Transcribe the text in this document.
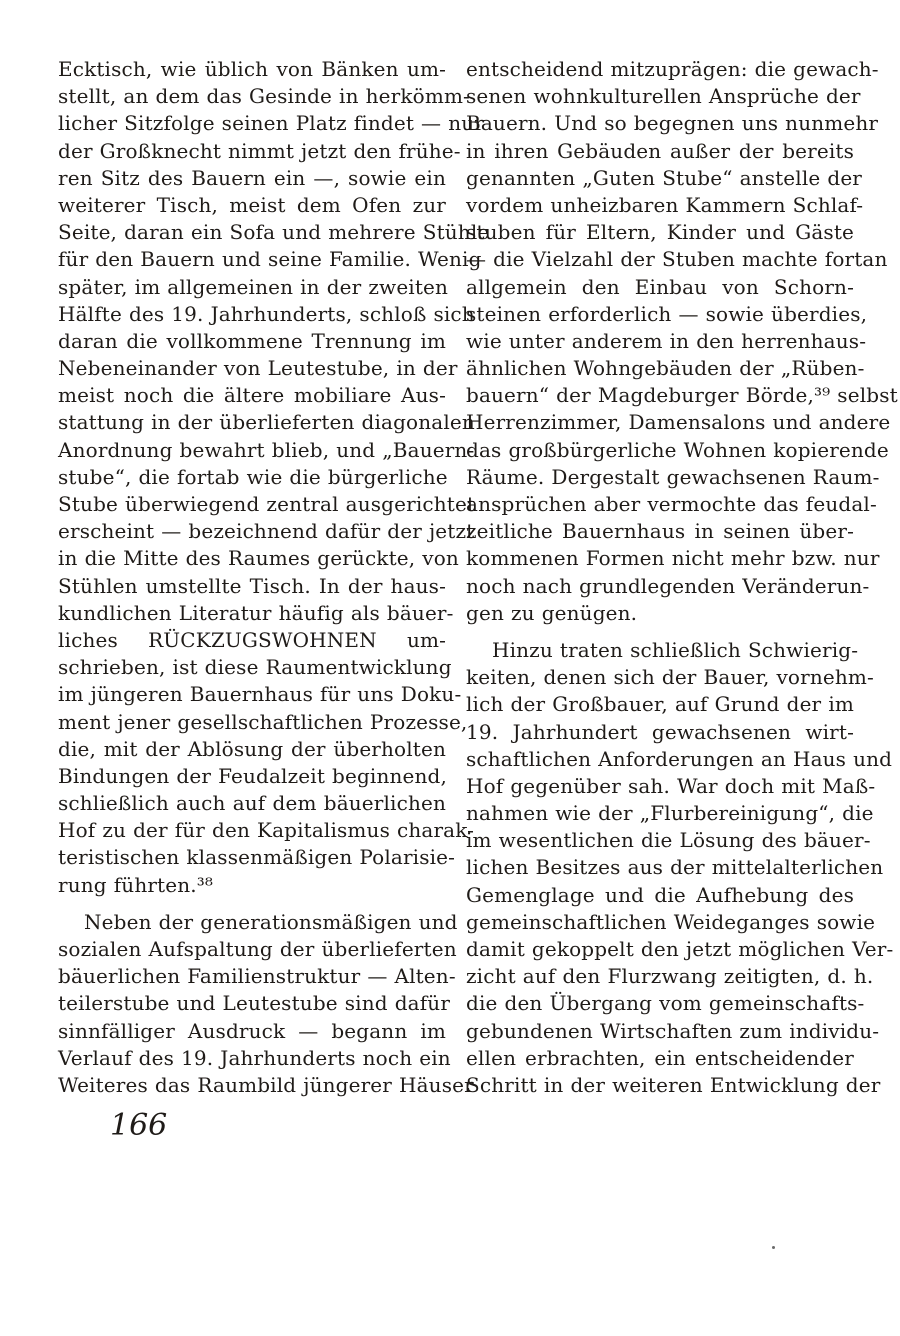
Ecktisch, wie üblich von Bänken um-
stellt, an dem das Gesinde in herkömm-
licher Sitzfolge seinen Platz findet — nur
der Großknecht nimmt jetzt den frühe-
ren Sitz des Bauern ein —, sowie ein
weiterer Tisch, meist dem Ofen zur
Seite, daran ein Sofa und mehrere Stühle
für den Bauern und seine Familie. Wenig
später, im allgemeinen in der zweiten
Hälfte des 19. Jahrhunderts, schloß sich
daran die vollkommene Trennung im
Nebeneinander von Leutestube, in der
meist noch die ältere mobiliare Aus-
stattung in der überlieferten diagonalen
Anordnung bewahrt blieb, und „Bauern-
stube“, die fortab wie die bürgerliche
Stube überwiegend zentral ausgerichtet
erscheint — bezeichnend dafür der jetzt
in die Mitte des Raumes gerückte, von
Stühlen umstellte Tisch. In der haus-
kundlichen Literatur häufig als bäuer-
liches RÜCKZUGSWOHNEN um-
schrieben, ist diese Raumentwicklung
im jüngeren Bauernhaus für uns Doku-
ment jener gesellschaftlichen Prozesse,
die, mit der Ablösung der überholten
Bindungen der Feudalzeit beginnend,
schließlich auch auf dem bäuerlichen
Hof zu der für den Kapitalismus charak-
teristischen klassenmäßigen Polarisie-
rung führten.³⁸
Neben der generationsmäßigen und
sozialen Aufspaltung der überlieferten
bäuerlichen Familienstruktur — Alten-
teilerstube und Leutestube sind dafür
sinnfälliger Ausdruck — begann im
Verlauf des 19. Jahrhunderts noch ein
Weiteres das Raumbild jüngerer Häuser
entscheidend mitzuprägen: die gewach-
senen wohnkulturellen Ansprüche der
Bauern. Und so begegnen uns nunmehr
in ihren Gebäuden außer der bereits
genannten „Guten Stube“ anstelle der
vordem unheizbaren Kammern Schlaf-
stuben für Eltern, Kinder und Gäste
— die Vielzahl der Stuben machte fortan
allgemein den Einbau von Schorn-
steinen erforderlich — sowie überdies,
wie unter anderem in den herrenhaus-
ähnlichen Wohngebäuden der „Rüben-
bauern“ der Magdeburger Börde,³⁹ selbst
Herrenzimmer, Damensalons und andere
das großbürgerliche Wohnen kopierende
Räume. Dergestalt gewachsenen Raum-
ansprüchen aber vermochte das feudal-
zeitliche Bauernhaus in seinen über-
kommenen Formen nicht mehr bzw. nur
noch nach grundlegenden Veränderun-
gen zu genügen.
Hinzu traten schließlich Schwierig-
keiten, denen sich der Bauer, vornehm-
lich der Großbauer, auf Grund der im
19. Jahrhundert gewachsenen wirt-
schaftlichen Anforderungen an Haus und
Hof gegenüber sah. War doch mit Maß-
nahmen wie der „Flurbereinigung“, die
im wesentlichen die Lösung des bäuer-
lichen Besitzes aus der mittelalterlichen
Gemenglage und die Aufhebung des
gemeinschaftlichen Weideganges sowie
damit gekoppelt den jetzt möglichen Ver-
zicht auf den Flurzwang zeitigten, d. h.
die den Übergang vom gemeinschafts-
gebundenen Wirtschaften zum individu-
ellen erbrachten, ein entscheidender
Schritt in der weiteren Entwicklung der
166
